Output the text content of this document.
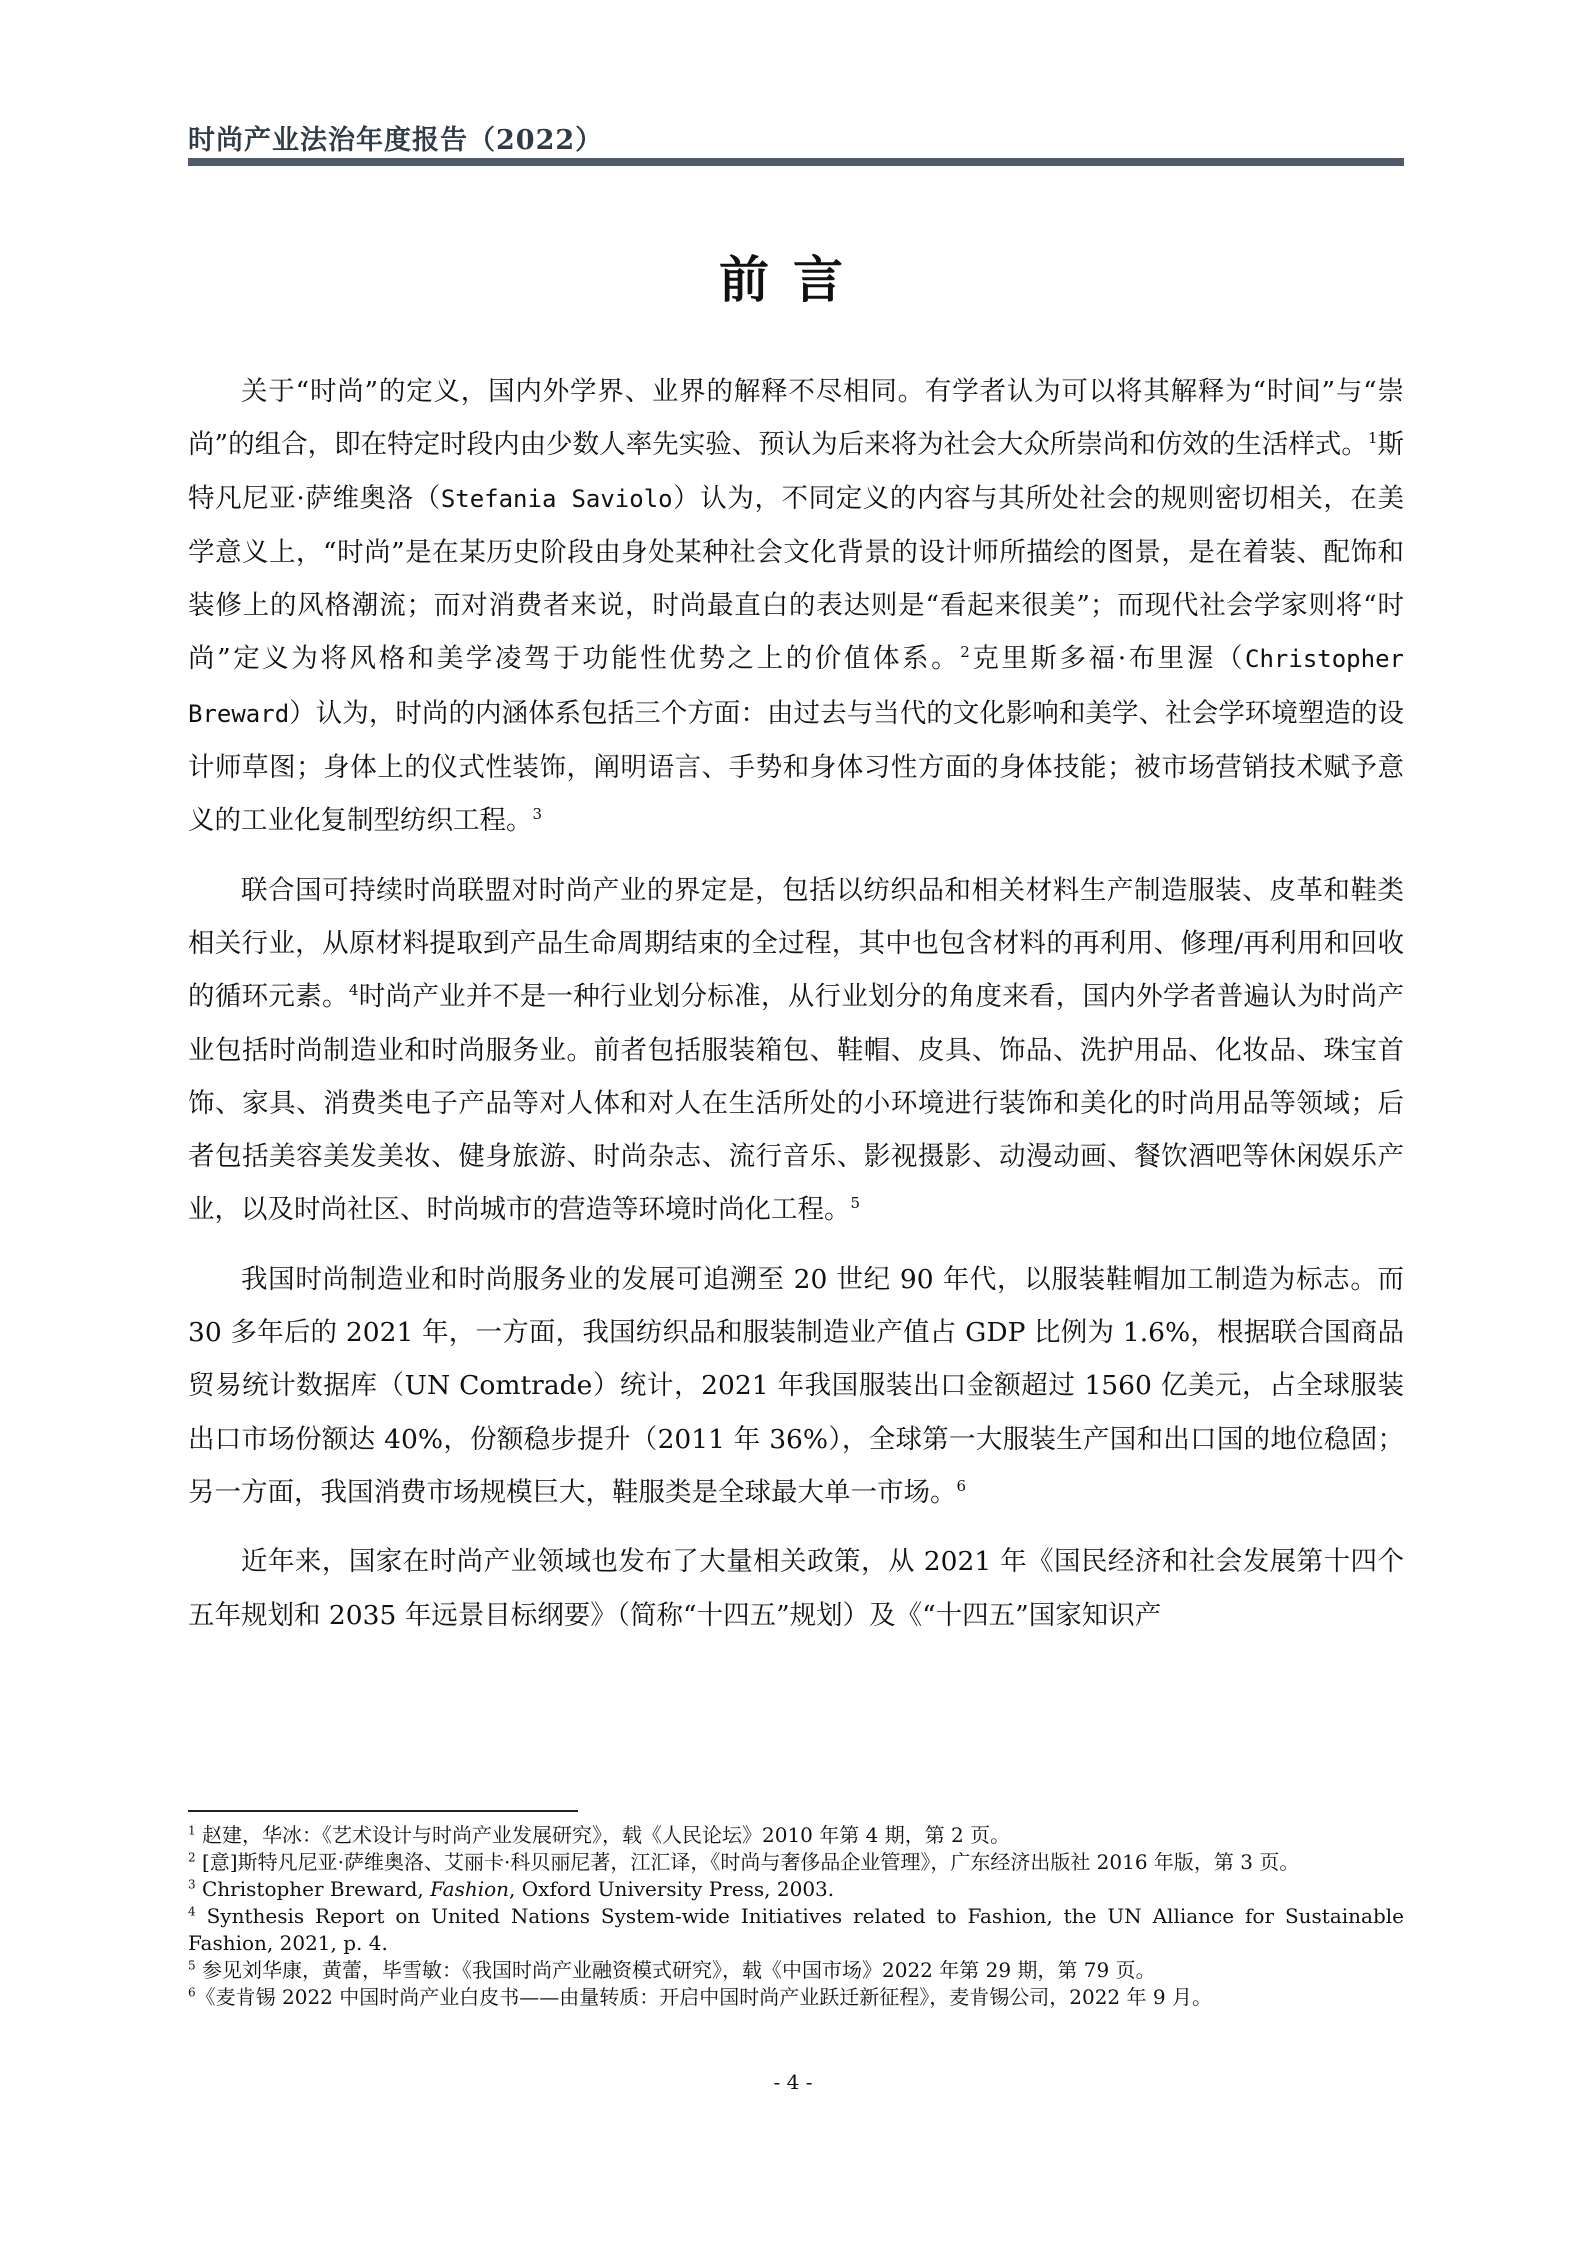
时尚产业法治年度报告（2022）
前言

关于“时尚”的定义，国内外学界、业界的解释不尽相同。有学者认为可以将其解释为“时间”与“崇尚”的组合，即在特定时段内由少数人率先实验、预认为后来将为社会大众所崇尚和仿效的生活样式。$^1$斯特凡尼亚·萨维奥洛（Stefania Saviolo）认为，不同定义的内容与其所处社会的规则密切相关，在美学意义上，“时尚”是在某历史阶段由身处某种社会文化背景的设计师所描绘的图景，是在着装、配饰和装修上的风格潮流；而对消费者来说，时尚最直白的表达则是“看起来很美”；而现代社会学家则将“时尚”定义为将风格和美学凌驾于功能性优势之上的价值体系。$^2$克里斯多福·布里渥（Christopher Breward）认为，时尚的内涵体系包括三个方面：由过去与当代的文化影响和美学、社会学环境塑造的设计师草图；身体上的仪式性装饰，阐明语言、手势和身体习性方面的身体技能；被市场营销技术赋予意义的工业化复制型纺织工程。$^3$

联合国可持续时尚联盟对时尚产业的界定是，包括以纺织品和相关材料生产制造服装、皮革和鞋类相关行业，从原材料提取到产品生命周期结束的全过程，其中也包含材料的再利用、修理/再利用和回收的循环元素。$^4$时尚产业并不是一种行业划分标准，从行业划分的角度来看，国内外学者普遍认为时尚产业包括时尚制造业和时尚服务业。前者包括服装箱包、鞋帽、皮具、饰品、洗护用品、化妆品、珠宝首饰、家具、消费类电子产品等对人体和对人在生活所处的小环境进行装饰和美化的时尚用品等领域；后者包括美容美发美妆、健身旅游、时尚杂志、流行音乐、影视摄影、动漫动画、餐饮酒吧等休闲娱乐产业，以及时尚社区、时尚城市的营造等环境时尚化工程。$^5$

我国时尚制造业和时尚服务业的发展可追溯至 20 世纪 90 年代，以服装鞋帽加工制造为标志。而 30 多年后的 2021 年，一方面，我国纺织品和服装制造业产值占 GDP 比例为 1.6%，根据联合国商品贸易统计数据库（UN Comtrade）统计，2021 年我国服装出口金额超过 1560 亿美元，占全球服装出口市场份额达 40%，份额稳步提升（2011 年 36%），全球第一大服装生产国和出口国的地位稳固；另一方面，我国消费市场规模巨大，鞋服类是全球最大单一市场。$^6$

近年来，国家在时尚产业领域也发布了大量相关政策，从 2021 年《国民经济和社会发展第十四个五年规划和 2035 年远景目标纲要》（简称“十四五”规划）及《“十四五”国家知识产

$^1$ 赵建，华冰：《艺术设计与时尚产业发展研究》，载《人民论坛》2010 年第 4 期，第 2 页。
$^2$ [意]斯特凡尼亚·萨维奥洛、艾丽卡·科贝丽尼著，江汇译，《时尚与奢侈品企业管理》，广东经济出版社 2016 年版，第 3 页。
$^3$ Christopher Breward, Fashion, Oxford University Press, 2003.
$^4$ Synthesis Report on United Nations System-wide Initiatives related to Fashion, the UN Alliance for Sustainable Fashion, 2021, p. 4.
$^5$ 参见刘华康，黄蕾，毕雪敏：《我国时尚产业融资模式研究》，载《中国市场》2022 年第 29 期，第 79 页。
$^6$《麦肯锡 2022 中国时尚产业白皮书——由量转质：开启中国时尚产业跃迁新征程》，麦肯锡公司，2022 年 9 月。
- 4 -
